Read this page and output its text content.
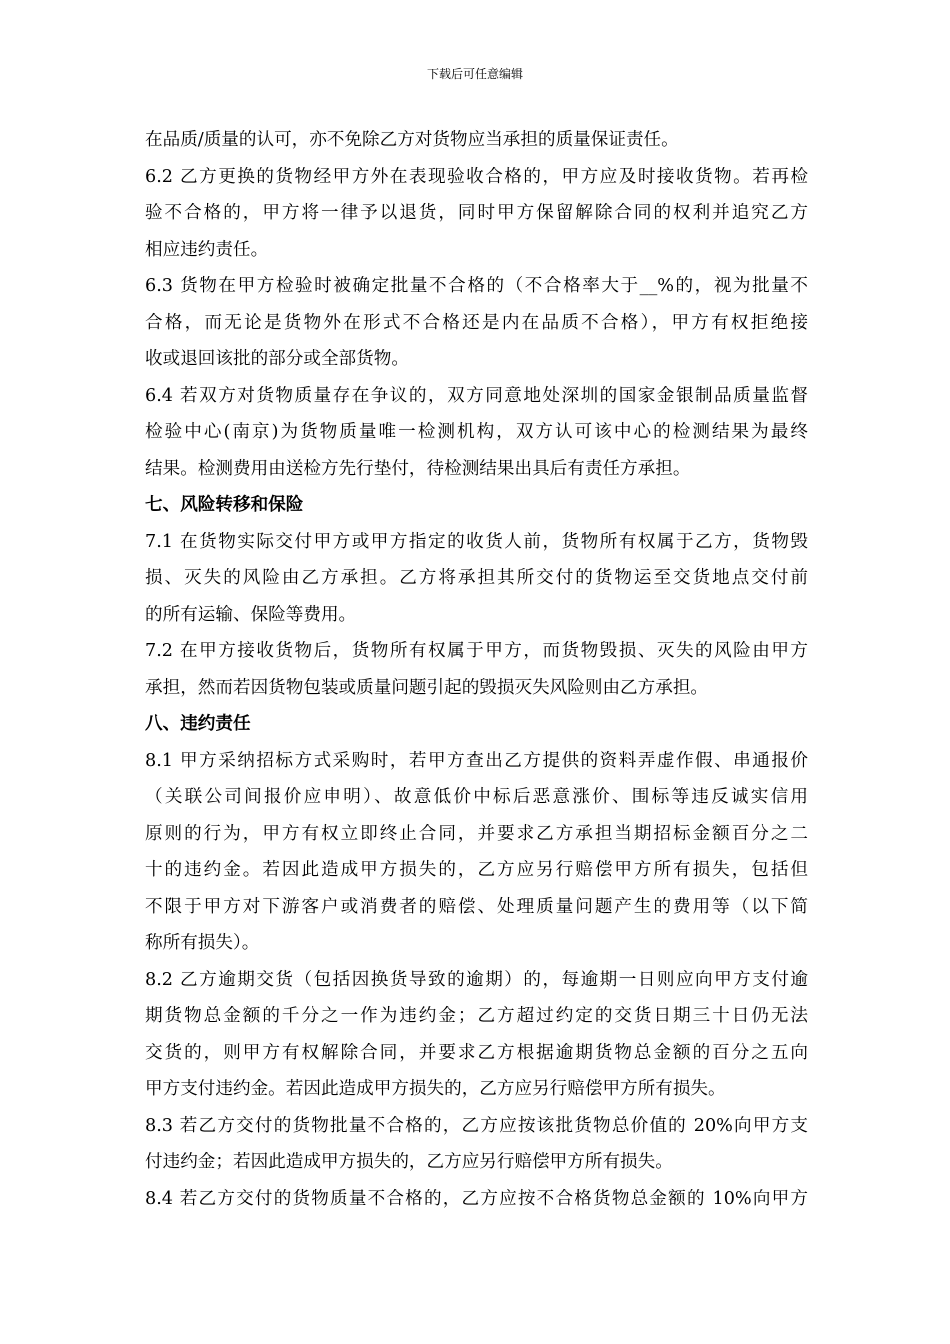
下载后可任意编辑
在品质/质量的认可，亦不免除乙方对货物应当承担的质量保证责任。
6.2 乙方更换的货物经甲方外在表现验收合格的，甲方应及时接收货物。若再检
验不合格的，甲方将一律予以退货，同时甲方保留解除合同的权利并追究乙方
相应违约责任。
6.3 货物在甲方检验时被确定批量不合格的（不合格率大于__%的，视为批量不
合格，而无论是货物外在形式不合格还是内在品质不合格），甲方有权拒绝接
收或退回该批的部分或全部货物。
6.4 若双方对货物质量存在争议的，双方同意地处深圳的国家金银制品质量监督
检验中心(南京)为货物质量唯一检测机构，双方认可该中心的检测结果为最终
结果。检测费用由送检方先行垫付，待检测结果出具后有责任方承担。
七、风险转移和保险
7.1 在货物实际交付甲方或甲方指定的收货人前，货物所有权属于乙方，货物毁
损、灭失的风险由乙方承担。乙方将承担其所交付的货物运至交货地点交付前
的所有运输、保险等费用。
7.2 在甲方接收货物后，货物所有权属于甲方，而货物毁损、灭失的风险由甲方
承担，然而若因货物包装或质量问题引起的毁损灭失风险则由乙方承担。
八、违约责任
8.1 甲方采纳招标方式采购时，若甲方查出乙方提供的资料弄虚作假、串通报价
（关联公司间报价应申明）、故意低价中标后恶意涨价、围标等违反诚实信用
原则的行为，甲方有权立即终止合同，并要求乙方承担当期招标金额百分之二
十的违约金。若因此造成甲方损失的，乙方应另行赔偿甲方所有损失，包括但
不限于甲方对下游客户或消费者的赔偿、处理质量问题产生的费用等（以下简
称所有损失）。
8.2 乙方逾期交货（包括因换货导致的逾期）的，每逾期一日则应向甲方支付逾
期货物总金额的千分之一作为违约金；乙方超过约定的交货日期三十日仍无法
交货的，则甲方有权解除合同，并要求乙方根据逾期货物总金额的百分之五向
甲方支付违约金。若因此造成甲方损失的，乙方应另行赔偿甲方所有损失。
8.3 若乙方交付的货物批量不合格的，乙方应按该批货物总价值的 20%向甲方支
付违约金；若因此造成甲方损失的，乙方应另行赔偿甲方所有损失。
8.4 若乙方交付的货物质量不合格的，乙方应按不合格货物总金额的 10%向甲方
